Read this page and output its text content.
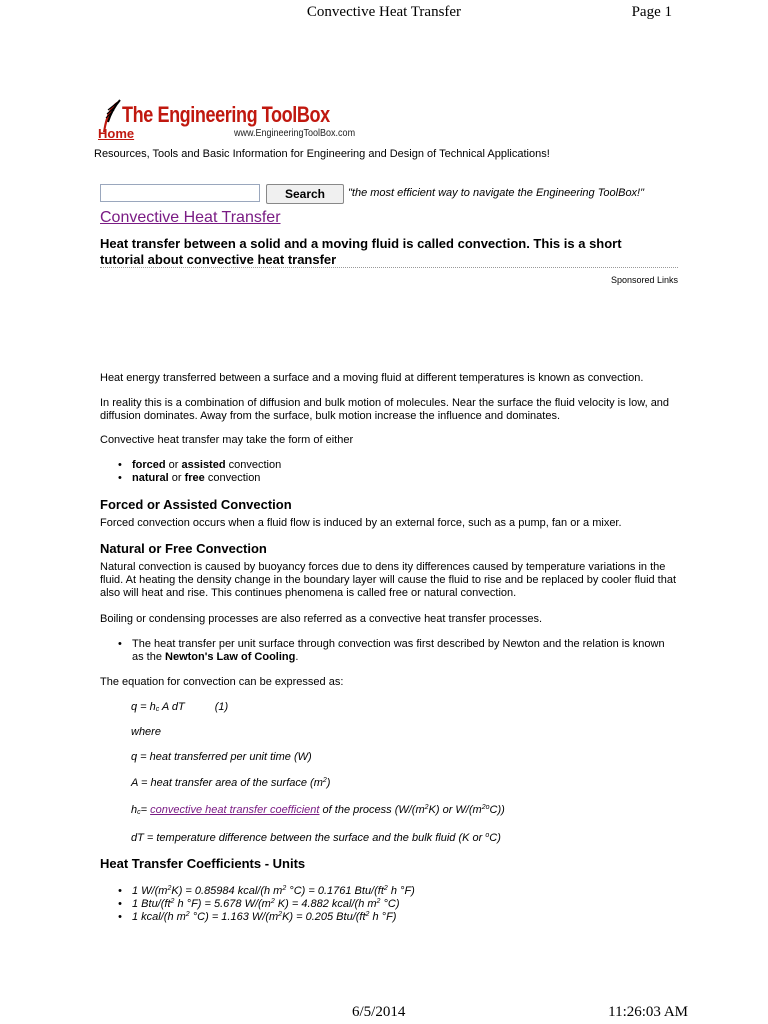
Convective Heat Transfer	Page 1
The Engineering ToolBox
Home	www.EngineeringToolBox.com
Resources, Tools and Basic Information for Engineering and Design of Technical Applications!
Search	"the most efficient way to navigate the Engineering ToolBox!"
Convective Heat Transfer
Heat transfer between a solid and a moving fluid is called convection. This is a short tutorial about convective heat transfer
Sponsored Links
Heat energy transferred between a surface and a moving fluid at different temperatures is known as convection.
In reality this is a combination of diffusion and bulk motion of molecules. Near the surface the fluid velocity is low, and diffusion dominates. Away from the surface, bulk motion increase the influence and dominates.
Convective heat transfer may take the form of either
• forced or assisted convection
• natural or free convection
Forced or Assisted Convection
Forced convection occurs when a fluid flow is induced by an external force, such as a pump, fan or a mixer.
Natural or Free Convection
Natural convection is caused by buoyancy forces due to dens ity differences caused by temperature variations in the fluid. At heating the density change in the boundary layer will cause the fluid to rise and be replaced by cooler fluid that also will heat and rise. This continues phenomena is called free or natural convection.
Boiling or condensing processes are also referred as a convective heat transfer processes.
• The heat transfer per unit surface through convection was first described by Newton and the relation is known as the Newton's Law of Cooling.
The equation for convection can be expressed as:
q = hc A dT	(1)
where
q = heat transferred per unit time (W)
A = heat transfer area of the surface $(m^2)$
hc= convective heat transfer coefficient of the process ($W/(m^2K)$ or $W/(m^{2o}C)$)
dT = temperature difference between the surface and the bulk fluid (K or $^o$C)
Heat Transfer Coefficients - Units
• 1 $W/(m^2K) = 0.85984$ kcal/(h $m^2$ °C) = 0.1761 Btu/($ft^2$ h °F)
• 1 Btu/($ft^2$ h °F) = 5.678 $W/(m^2$ K) = 4.882 kcal/(h $m^2$ °C)
• 1 kcal/(h $m^2$ °C) = 1.163 $W/(m^2K) = 0.205$ Btu/($ft^2$ h °F)
6/5/2014	11:26:03 AM
